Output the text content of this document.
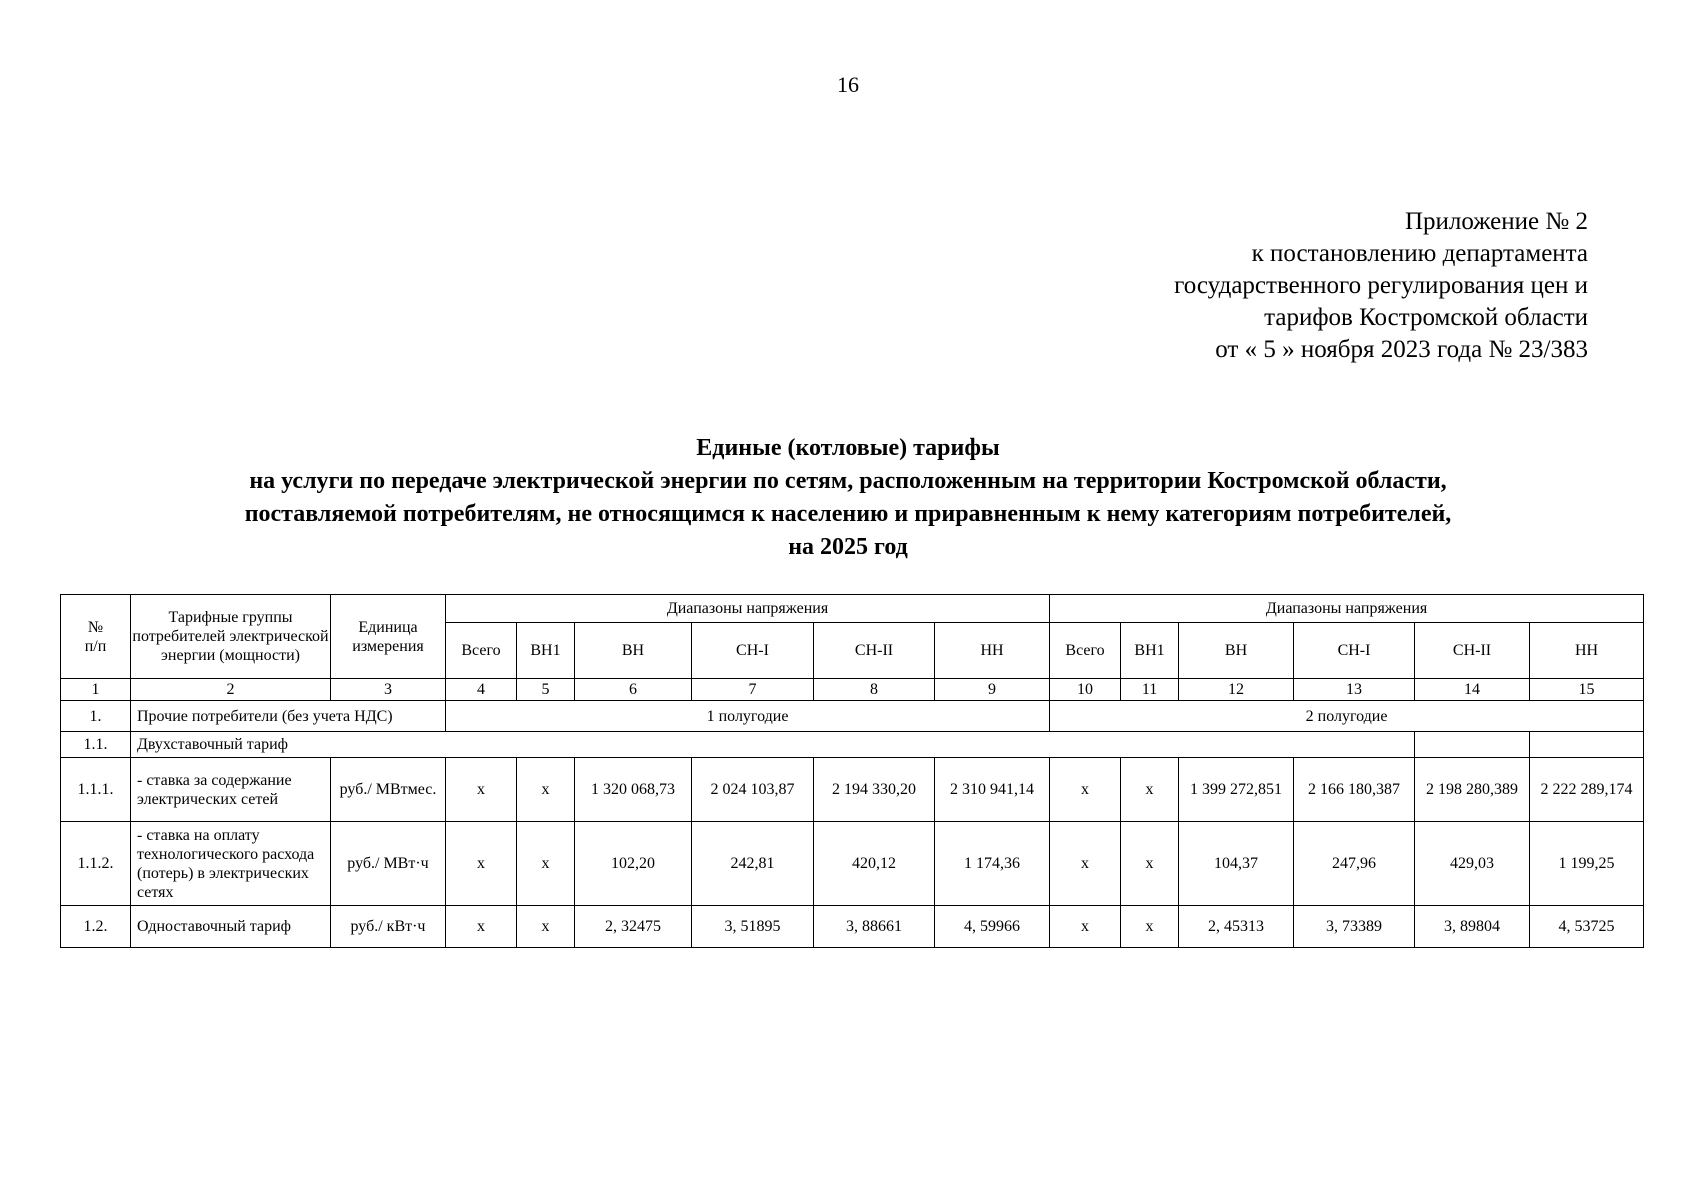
16
Приложение № 2
к постановлению департамента
государственного регулирования цен и
тарифов Костромской области
от « 5 » ноября 2023 года № 23/383
Единые (котловые) тарифы
на услуги по передаче электрической энергии по сетям, расположенным на территории Костромской области,
поставляемой потребителям, не относящимся к населению и приравненным к нему категориям потребителей,
на 2025 год
№
п/п	Тарифные группы потребителей электрической энергии (мощности)	Единица измерения	Диапазоны напряжения						Диапазоны напряжения					
			Всего	ВН1	ВН	СН-I	СН-II	НН	Всего	ВН1	ВН	СН-I	СН-II	НН
1	2	3	4	5	6	7	8	9	10	11	12	13	14	15
1.	Прочие потребители (без учета НДС)		1 полугодие						2 полугодие					
1.1.	Двухставочный тариф													
1.1.1.	- ставка за содержание электрических сетей	руб./ МВтмес.	х	х	1 320 068,73	2 024 103,87	2 194 330,20	2 310 941,14	х	х	1 399 272,851	2 166 180,387	2 198 280,389	2 222 289,174
1.1.2.	- ставка на оплату технологического расхода (потерь) в электрических сетях	руб./ МВт·ч	х	х	102,20	242,81	420,12	1 174,36	х	х	104,37	247,96	429,03	1 199,25
1.2.	Одноставочный тариф	руб./ кВт·ч	х	х	2, 32475	3, 51895	3, 88661	4, 59966	х	х	2, 45313	3, 73389	3, 89804	4, 53725
